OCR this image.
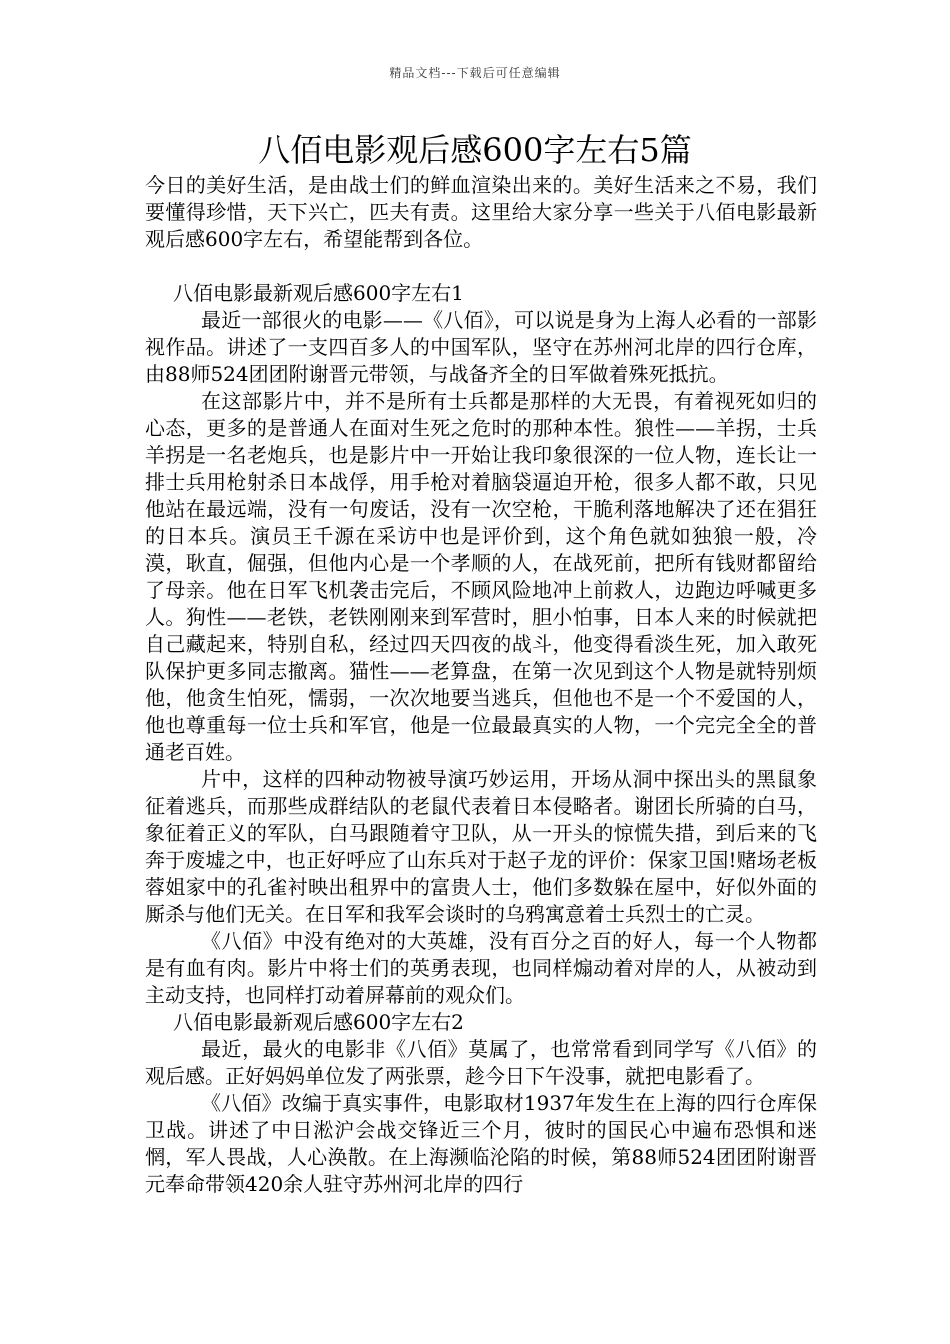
精品文档---下载后可任意编辑
八佰电影观后感600字左右5篇

今日的美好生活，是由战士们的鲜血渲染出来的。美好生活来之不易，我们要懂得珍惜，天下兴亡，匹夫有责。这里给大家分享一些关于八佰电影最新观后感600字左右，希望能帮到各位。

八佰电影最新观后感600字左右1

最近一部很火的电影——《八佰》，可以说是身为上海人必看的一部影视作品。讲述了一支四百多人的中国军队，坚守在苏州河北岸的四行仓库，由88师524团团附谢晋元带领，与战备齐全的日军做着殊死抵抗。

在这部影片中，并不是所有士兵都是那样的大无畏，有着视死如归的心态，更多的是普通人在面对生死之危时的那种本性。狼性——羊拐，士兵羊拐是一名老炮兵，也是影片中一开始让我印象很深的一位人物，连长让一排士兵用枪射杀日本战俘，用手枪对着脑袋逼迫开枪，很多人都不敢，只见他站在最远端，没有一句废话，没有一次空枪，干脆利落地解决了还在猖狂的日本兵。演员王千源在采访中也是评价到，这个角色就如独狼一般，冷漠，耿直，倔强，但他内心是一个孝顺的人，在战死前，把所有钱财都留给了母亲。他在日军飞机袭击完后，不顾风险地冲上前救人，边跑边呼喊更多人。狗性——老铁，老铁刚刚来到军营时，胆小怕事，日本人来的时候就把自己藏起来，特别自私，经过四天四夜的战斗，他变得看淡生死，加入敢死队保护更多同志撤离。猫性——老算盘，在第一次见到这个人物是就特别烦他，他贪生怕死，懦弱，一次次地要当逃兵，但他也不是一个不爱国的人，他也尊重每一位士兵和军官，他是一位最最真实的人物，一个完完全全的普通老百姓。

片中，这样的四种动物被导演巧妙运用，开场从洞中探出头的黑鼠象征着逃兵，而那些成群结队的老鼠代表着日本侵略者。谢团长所骑的白马，象征着正义的军队，白马跟随着守卫队，从一开头的惊慌失措，到后来的飞奔于废墟之中，也正好呼应了山东兵对于赵子龙的评价：保家卫国!赌场老板蓉姐家中的孔雀衬映出租界中的富贵人士，他们多数躲在屋中，好似外面的厮杀与他们无关。在日军和我军会谈时的乌鸦寓意着士兵烈士的亡灵。

《八佰》中没有绝对的大英雄，没有百分之百的好人，每一个人物都是有血有肉。影片中将士们的英勇表现，也同样煽动着对岸的人，从被动到主动支持，也同样打动着屏幕前的观众们。

八佰电影最新观后感600字左右2

最近，最火的电影非《八佰》莫属了，也常常看到同学写《八佰》的观后感。正好妈妈单位发了两张票，趁今日下午没事，就把电影看了。

《八佰》改编于真实事件，电影取材1937年发生在上海的四行仓库保卫战。讲述了中日淞沪会战交锋近三个月，彼时的国民心中遍布恐惧和迷惘，军人畏战，人心涣散。在上海濒临沦陷的时候，第88师524团团附谢晋元奉命带领420余人驻守苏州河北岸的四行
